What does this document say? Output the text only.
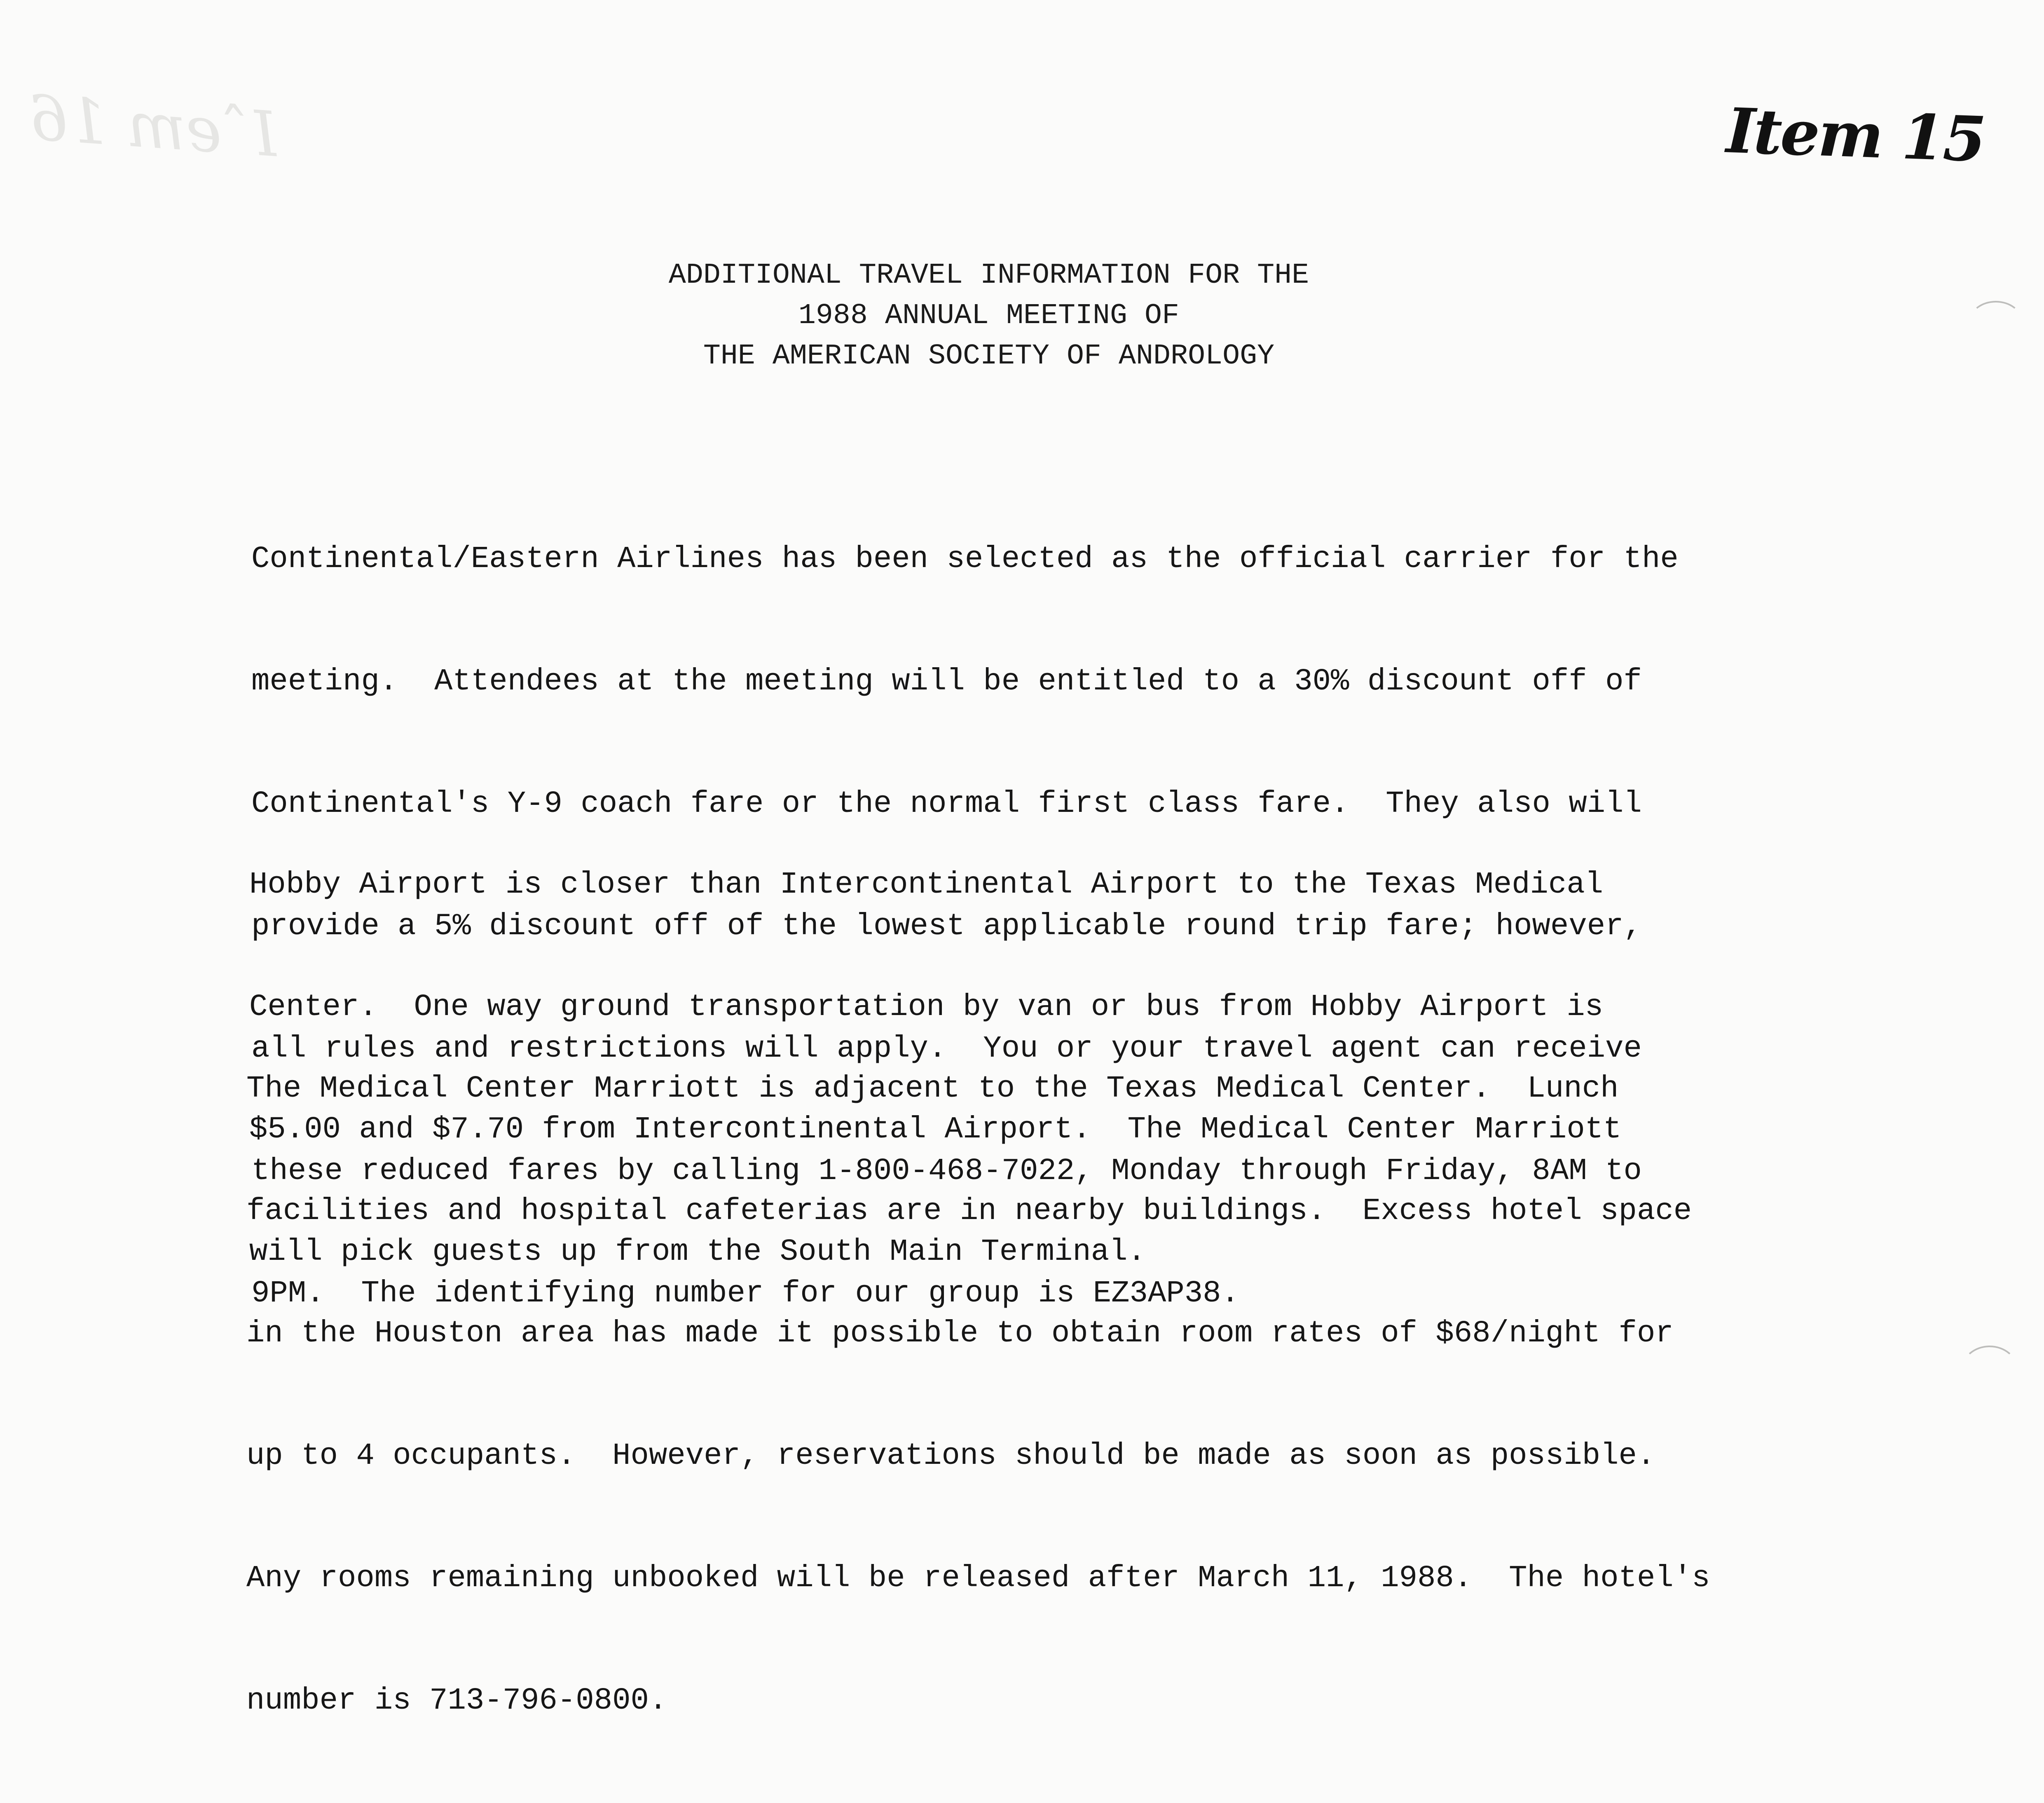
Iˆem 16	Item 15
ADDITIONAL TRAVEL INFORMATION FOR THE
1988 ANNUAL MEETING OF
THE AMERICAN SOCIETY OF ANDROLOGY

Continental/Eastern Airlines has been selected as the official carrier for the

meeting.  Attendees at the meeting will be entitled to a 30% discount off of

Continental's Y-9 coach fare or the normal first class fare.  They also will

provide a 5% discount off of the lowest applicable round trip fare; however,

all rules and restrictions will apply.  You or your travel agent can receive

these reduced fares by calling 1-800-468-7022, Monday through Friday, 8AM to

9PM.  The identifying number for our group is EZ3AP38.

Hobby Airport is closer than Intercontinental Airport to the Texas Medical

Center.  One way ground transportation by van or bus from Hobby Airport is

$5.00 and $7.70 from Intercontinental Airport.  The Medical Center Marriott

will pick guests up from the South Main Terminal.

The Medical Center Marriott is adjacent to the Texas Medical Center.  Lunch

facilities and hospital cafeterias are in nearby buildings.  Excess hotel space

in the Houston area has made it possible to obtain room rates of $68/night for

up to 4 occupants.  However, reservations should be made as soon as possible.

Any rooms remaining unbooked will be released after March 11, 1988.  The hotel's

number is 713-796-0800.
